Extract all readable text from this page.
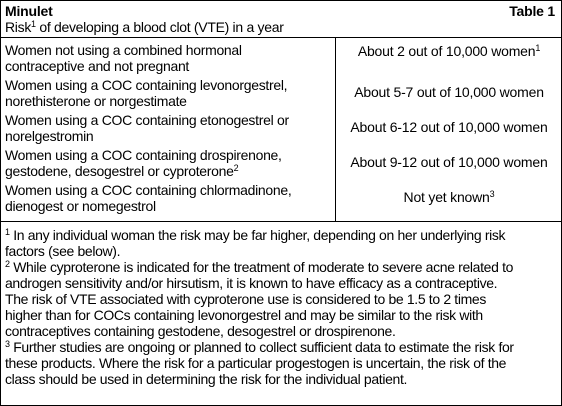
Minulet	Table 1
Risk$^1$ of developing a blood clot (VTE) in a year
Women not using a combined hormonal
contraceptive and not pregnant
About 2 out of 10,000 women$^1$
Women using a COC containing levonorgestrel,
norethisterone or norgestimate
About 5-7 out of 10,000 women
Women using a COC containing etonogestrel or
norelgestromin
About 6-12 out of 10,000 women
Women using a COC containing drospirenone,
gestodene, desogestrel or cyproterone$^2$	About 9-12 out of 10,000 women
Women using a COC containing chlormadinone,
dienogest or nomegestrol
Not yet known$^3$
$^1$ In any individual woman the risk may be far higher, depending on her underlying risk
factors (see below).
$^2$ While cyproterone is indicated for the treatment of moderate to severe acne related to
androgen sensitivity and/or hirsutism, it is known to have efficacy as a contraceptive.
The risk of VTE associated with cyproterone use is considered to be 1.5 to 2 times
higher than for COCs containing levonorgestrel and may be similar to the risk with
contraceptives containing gestodene, desogestrel or drospirenone.
$^3$ Further studies are ongoing or planned to collect sufficient data to estimate the risk for
these products. Where the risk for a particular progestogen is uncertain, the risk of the
class should be used in determining the risk for the individual patient.
